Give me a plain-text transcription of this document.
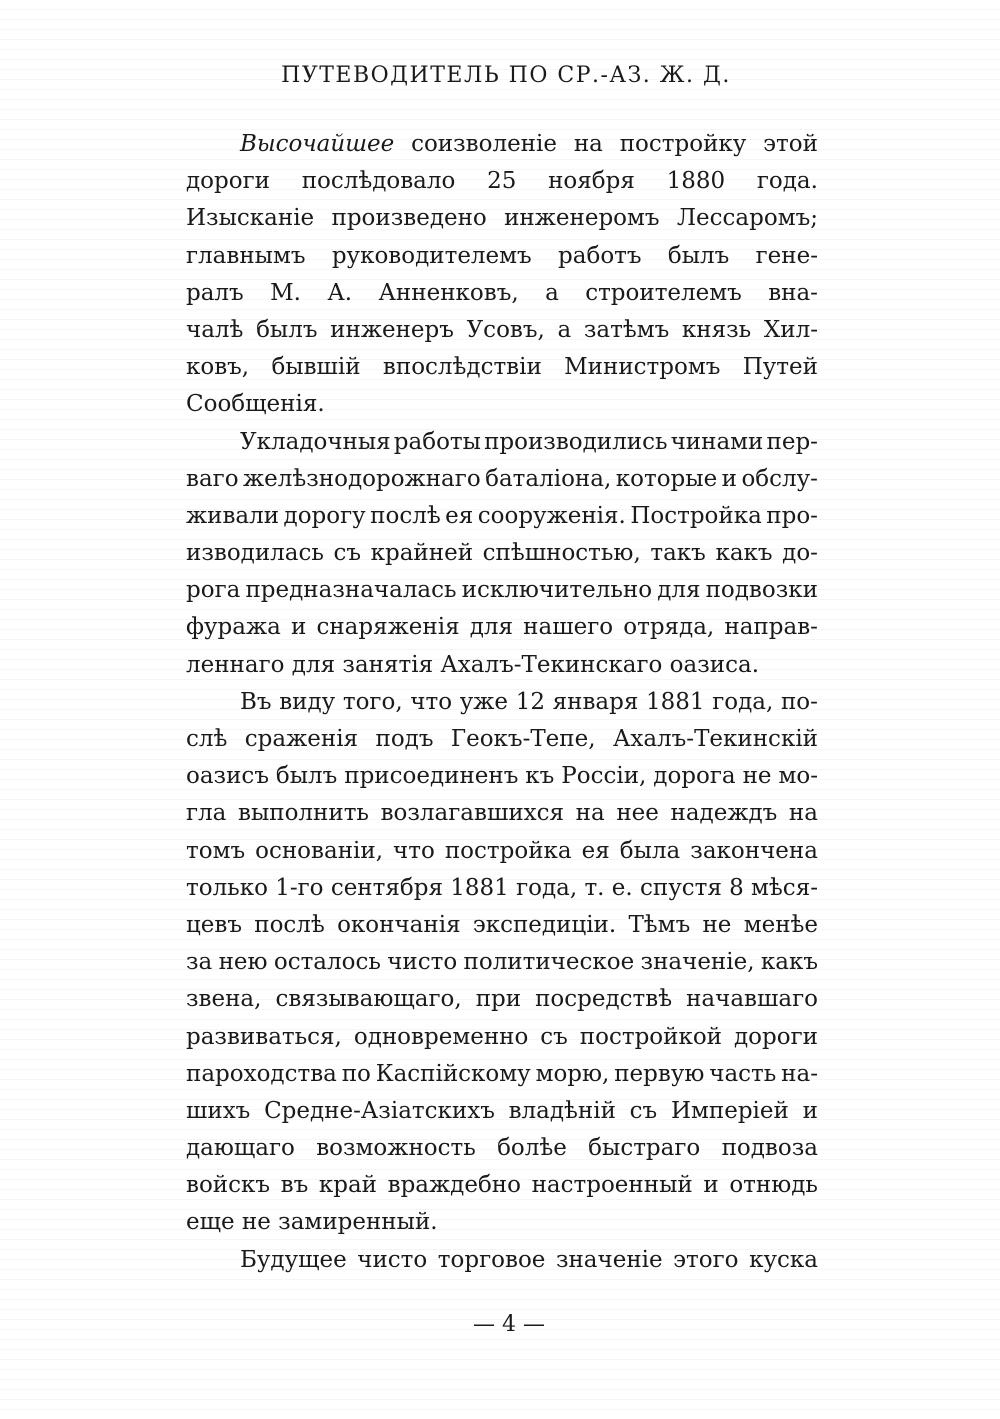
ПУТЕВОДИТЕЛЬ ПО СР.-АЗ. Ж. Д.
Высочайшее соизволеніе на постройку этой
дороги послѣдовало 25 ноября 1880 года.
Изысканіе произведено инженеромъ Лессаромъ;
главнымъ руководителемъ работъ былъ гене-
ралъ М. А. Анненковъ, а строителемъ вна-
чалѣ былъ инженеръ Усовъ, а затѣмъ князь Хил-
ковъ, бывшій впослѣдствіи Министромъ Путей
Сообщенія.
Укладочныя работы производились чинами пер-
ваго желѣзнодорожнаго баталіона, которые и обслу-
живали дорогу послѣ ея сооруженія. Постройка про-
изводилась съ крайней спѣшностью, такъ какъ до-
рога предназначалась исключительно для подвозки
фуража и снаряженія для нашего отряда, направ-
леннаго для занятія Ахалъ-Текинскаго оазиса.
Въ виду того, что уже 12 января 1881 года, по-
слѣ сраженія подъ Геокъ-Тепе, Ахалъ-Текинскій
оазисъ былъ присоединенъ къ Россіи, дорога не мо-
гла выполнить возлагавшихся на нее надеждъ на
томъ основаніи, что постройка ея была закончена
только 1-го сентября 1881 года, т. е. спустя 8 мѣся-
цевъ послѣ окончанія экспедиціи. Тѣмъ не менѣе
за нею осталось чисто политическое значеніе, какъ
звена, связывающаго, при посредствѣ начавшаго
развиваться, одновременно съ постройкой дороги
пароходства по Каспійскому морю, первую часть на-
шихъ Средне-Азіатскихъ владѣній съ Имперіей и
дающаго возможность болѣе быстраго подвоза
войскъ въ край враждебно настроенный и отнюдь
еще не замиренный.
Будущее чисто торговое значеніе этого куска
— 4 —
